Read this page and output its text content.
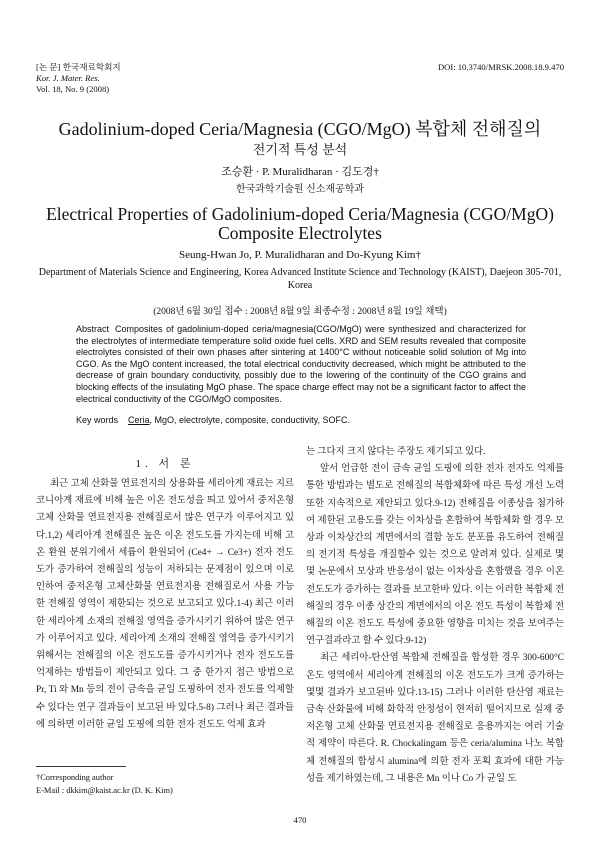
[논 문] 한국재료학회지
Kor. J. Mater. Res.
Vol. 18, No. 9 (2008)
DOI: 10.3740/MRSK.2008.18.9.470
Gadolinium-doped Ceria/Magnesia (CGO/MgO) 복합체 전해질의
전기적 특성 분석
조승환 · P. Muralidharan · 김도경†
한국과학기술원 신소재공학과
Electrical Properties of Gadolinium-doped Ceria/Magnesia (CGO/MgO)
Composite Electrolytes
Seung-Hwan Jo, P. Muralidharan and Do-Kyung Kim†
Department of Materials Science and Engineering, Korea Advanced Institute Science and Technology (KAIST), Daejeon 305-701, Korea
(2008년 6월 30일 접수 : 2008년 8월 9일 최종수정 : 2008년 8월 19일 채택)
Abstract Composites of gadolinium-doped ceria/magnesia(CGO/MgO) were synthesized and characterized for the electrolytes of intermediate temperature solid oxide fuel cells. XRD and SEM results revealed that composite electrolytes consisted of their own phases after sintering at 1400°C without noticeable solid solution of Mg into CGO. As the MgO content increased, the total electrical conductivity decreased, which might be attributed to the decrease of grain boundary conductivity, possibly due to the lowering of the continuity of the CGO grains and blocking effects of the insulating MgO phase. The space charge effect may not be a significant factor to affect the electrical conductivity of the CGO/MgO composites.
Key words Ceria, MgO, electrolyte, composite, conductivity, SOFC.
1. 서 론
최근 고체 산화물 연료전지의 상용화를 세리아계 재료는 지르코니아계 재료에 비해 높은 이온 전도성을 띄고 있어서 중저온형 고체 산화물 연료전지용 전해질로서 많은 연구가 이루어지고 있다.1,2) 세리아계 전해질은 높은 이온 전도도를 가지는데 비해 고온 환원 분위기에서 세륨이 환원되어 (Ce4+ → Ce3+) 전자 전도도가 증가하여 전해질의 성능이 저하되는 문제점이 있으며 이로 인하여 중저온형 고체산화물 연료전지용 전해질로서 사용 가능한 전해질 영역이 제한되는 것으로 보고되고 있다.1-4) 최근 이러한 세리아계 소재의 전해질 영역을 증가시키기 위하여 많은 연구가 이루어지고 있다. 세리아계 소재의 전해질 영역을 증가시키기 위해서는 전해질의 이온 전도도를 증가시키거나 전자 전도도를 억제하는 방법들이 제안되고 있다. 그 중 한가지 접근 방법으로 Pr, Ti 와 Mn 등의 전이 금속을 균일 도핑하여 전자 전도를 억제할 수 있다는 연구 결과들이 보고된 바 있다.5-8) 그러나 최근 결과들에 의하면 이러한 균일 도핑에 의한 전자 전도도 억제 효과

는 그다지 크지 않다는 주장도 제기되고 있다.

앞서 언급한 전이 금속 균일 도핑에 의한 전자 전자도 억제를 통한 방법과는 별도로 전해질의 복합체화에 따른 특성 개선 노력 또한 지속적으로 제안되고 있다.9-12) 전해질을 이종상을 첨가하여 제한된 고용도를 갖는 이차상을 혼합하여 복합체화 할 경우 모상과 이차상간의 계면에서의 결함 농도 분포를 유도하여 전해질의 전기적 특성을 개질할수 있는 것으로 알려져 있다. 실제로 몇몇 논문에서 모상과 반응성이 없는 이차상을 혼합했을 경우 이온전도도가 증가하는 결과를 보고한바 있다. 이는 이러한 복합체 전해질의 경우 이종 상간의 계면에서의 이온 전도 특성이 복합체 전해질의 이온 전도도 특성에 중요한 영향을 미치는 것을 보여주는 연구결과라고 할 수 있다.9-12)

최근 세리아-탄산염 복합체 전해질을 합성한 경우 300-600°C 온도 영역에서 세리아계 전해질의 이온 전도도가 크게 증가하는 몇몇 결과가 보고된바 있다.13-15) 그러나 이러한 탄산염 재료는 금속 산화물에 비해 화학적 안정성이 현저히 떨어지므로 실제 중저온형 고체 산화물 연료전지용 전해질로 응용까지는 여러 기술적 제약이 따른다. R. Chockalingam 등은 ceria/alumina 나노 복합체 전해질의 합성시 alumina에 의한 전자 포획 효과에 대한 가능성을 제기하였는데, 그 내용은 Mn 이나 Co 가 균일 도

†Corresponding author
E-Mail : dkkim@kaist.ac.kr (D. K. Kim)
470
